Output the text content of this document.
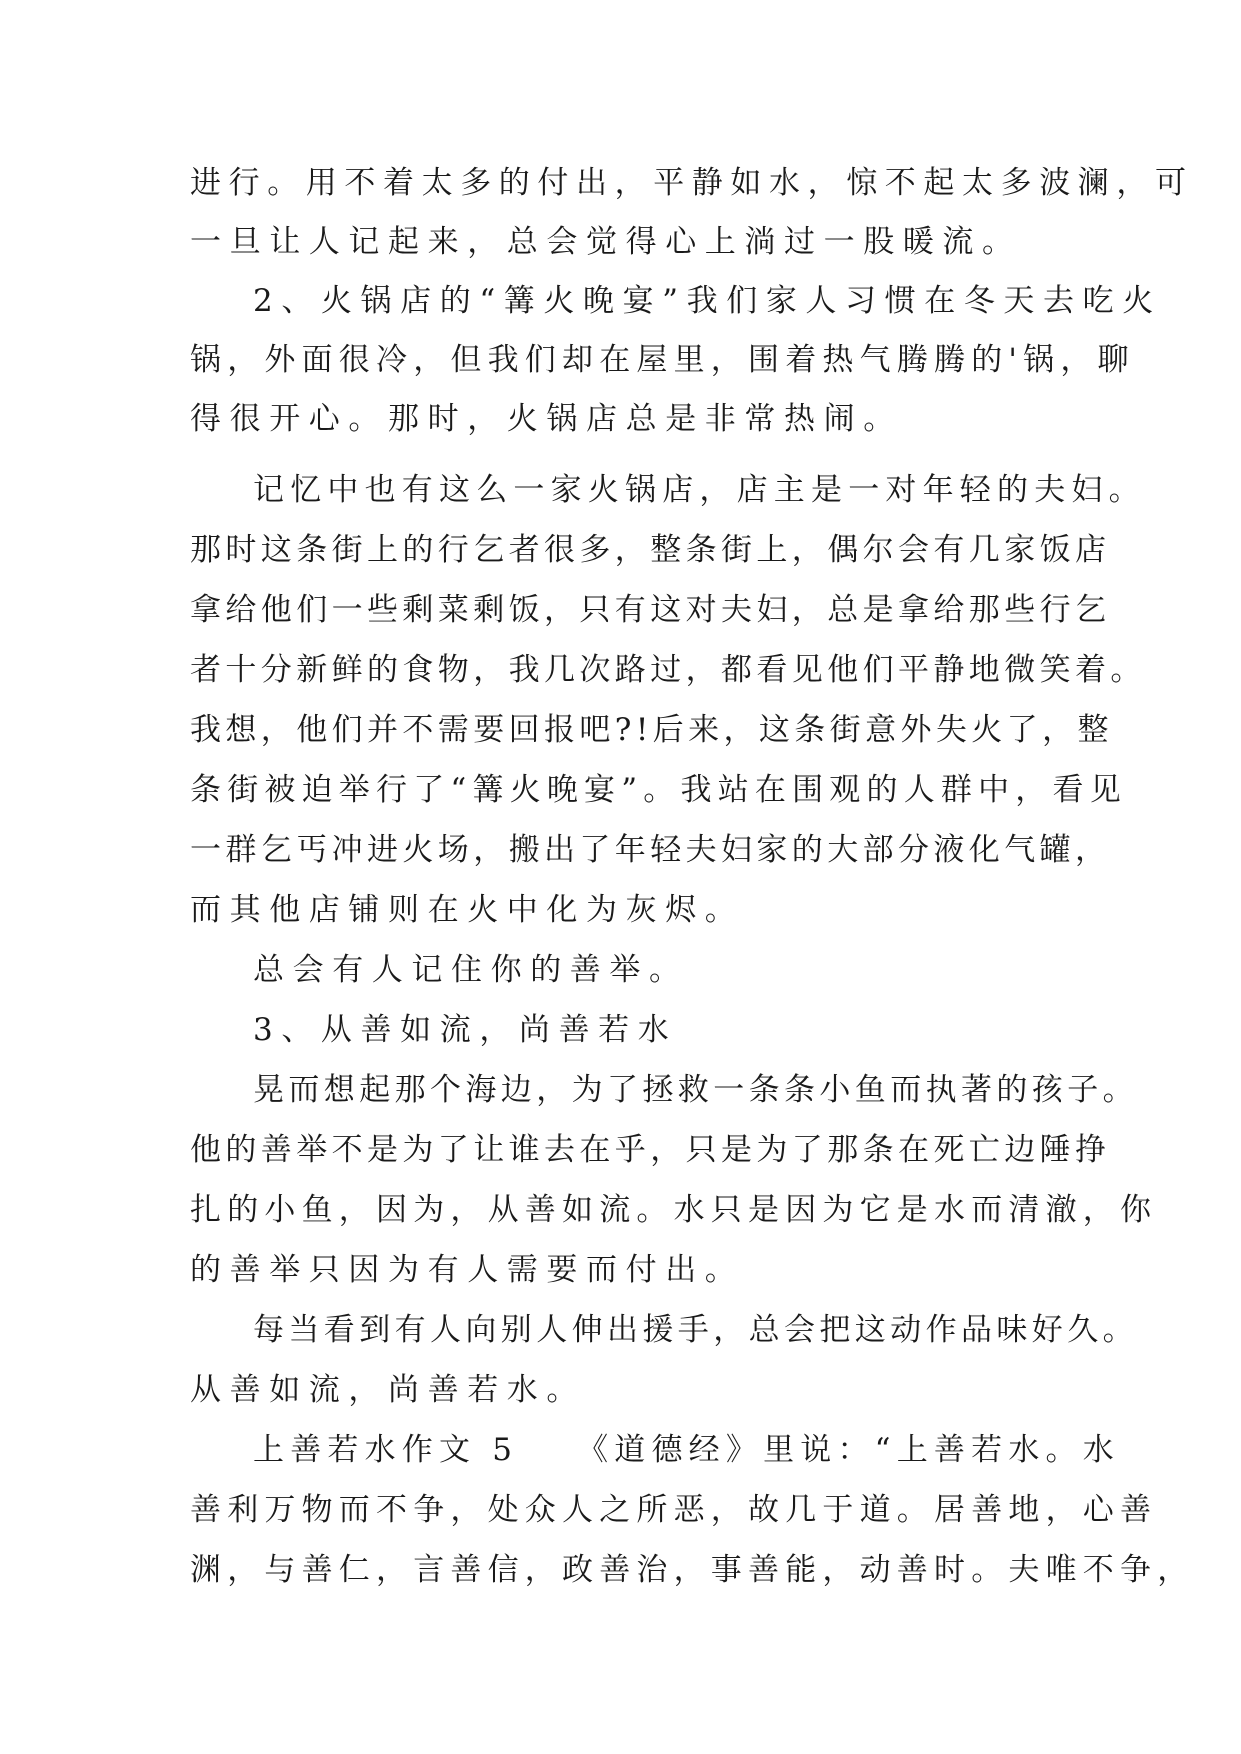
进行。用不着太多的付出，平静如水，惊不起太多波澜，可
一旦让人记起来，总会觉得心上淌过一股暖流。
2、火锅店的“篝火晚宴”我们家人习惯在冬天去吃火
锅，外面很冷，但我们却在屋里，围着热气腾腾的'锅，聊
得很开心。那时，火锅店总是非常热闹。
记忆中也有这么一家火锅店，店主是一对年轻的夫妇。
那时这条街上的行乞者很多，整条街上，偶尔会有几家饭店
拿给他们一些剩菜剩饭，只有这对夫妇，总是拿给那些行乞
者十分新鲜的食物，我几次路过，都看见他们平静地微笑着。
我想，他们并不需要回报吧?!后来，这条街意外失火了，整
条街被迫举行了“篝火晚宴”。我站在围观的人群中，看见
一群乞丐冲进火场，搬出了年轻夫妇家的大部分液化气罐，
而其他店铺则在火中化为灰烬。
总会有人记住你的善举。
3、从善如流，尚善若水
晃而想起那个海边，为了拯救一条条小鱼而执著的孩子。
他的善举不是为了让谁去在乎，只是为了那条在死亡边陲挣
扎的小鱼，因为，从善如流。水只是因为它是水而清澈，你
的善举只因为有人需要而付出。
每当看到有人向别人伸出援手，总会把这动作品味好久。
从善如流，尚善若水。
上善若水作文 5　　《道德经》里说：“上善若水。水
善利万物而不争，处众人之所恶，故几于道。居善地，心善
渊，与善仁，言善信，政善治，事善能，动善时。夫唯不争，
